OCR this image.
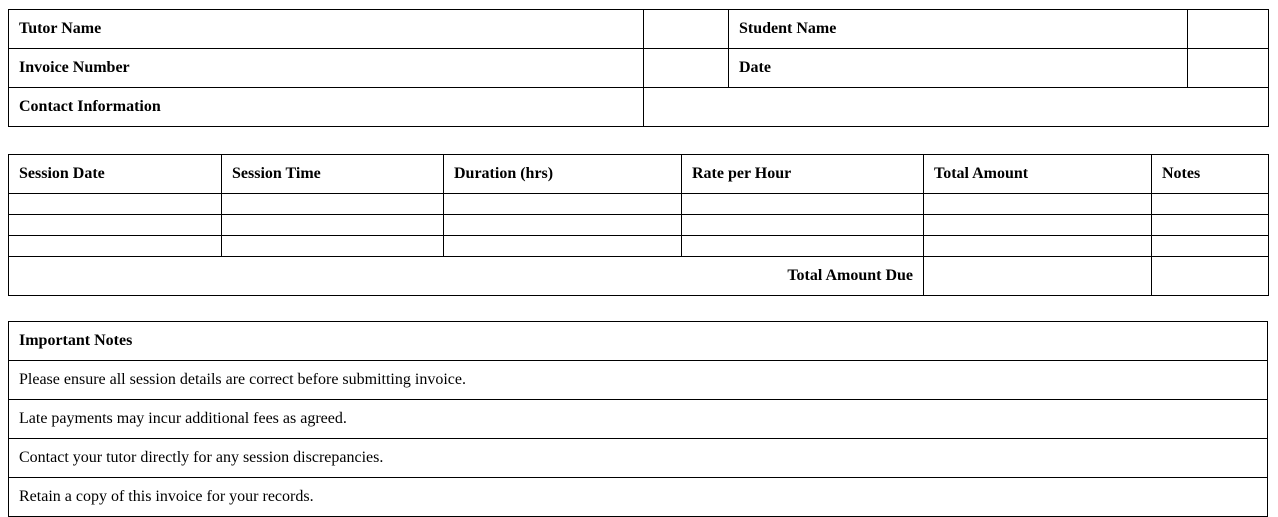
Tutor Name		Student Name	
Invoice Number		Date	
Contact Information			
Session Date	Session Time	Duration (hrs)	Rate per Hour	Total Amount	Notes

Total Amount Due					
Important Notes
Please ensure all session details are correct before submitting invoice.
Late payments may incur additional fees as agreed.
Contact your tutor directly for any session discrepancies.
Retain a copy of this invoice for your records.
